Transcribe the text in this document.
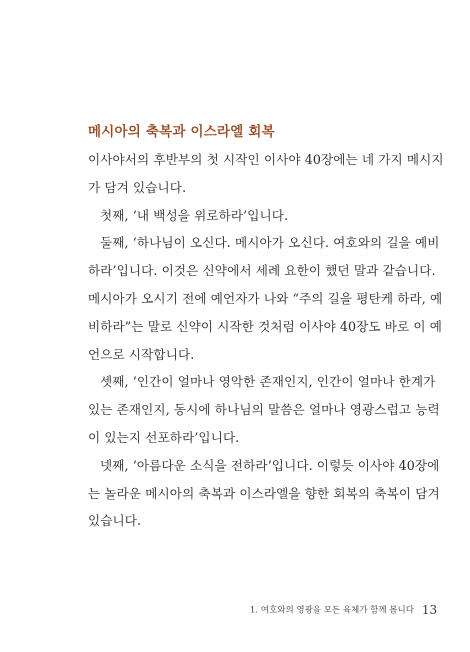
메시아의 축복과 이스라엘 회복
이사야서의 후반부의 첫 시작인 이사야 40장에는 네 가지 메시지
가 담겨 있습니다.
첫째, ‘내 백성을 위로하라’입니다.
둘째, ‘하나님이 오신다. 메시아가 오신다. 여호와의 길을 예비
하라’입니다. 이것은 신약에서 세례 요한이 했던 말과 같습니다.
메시아가 오시기 전에 예언자가 나와 “주의 길을 평탄케 하라, 예
비하라”는 말로 신약이 시작한 것처럼 이사야 40장도 바로 이 예
언으로 시작합니다.
셋째, ‘인간이 얼마나 영악한 존재인지, 인간이 얼마나 한계가
있는 존재인지, 동시에 하나님의 말씀은 얼마나 영광스럽고 능력
이 있는지 선포하라’입니다.
넷째, ‘아름다운 소식을 전하라’입니다. 이렇듯 이사야 40장에
는 놀라운 메시아의 축복과 이스라엘을 향한 회복의 축복이 담겨
있습니다.
1. 여호와의 영광을 모든 육체가 함께 봅니다 13
